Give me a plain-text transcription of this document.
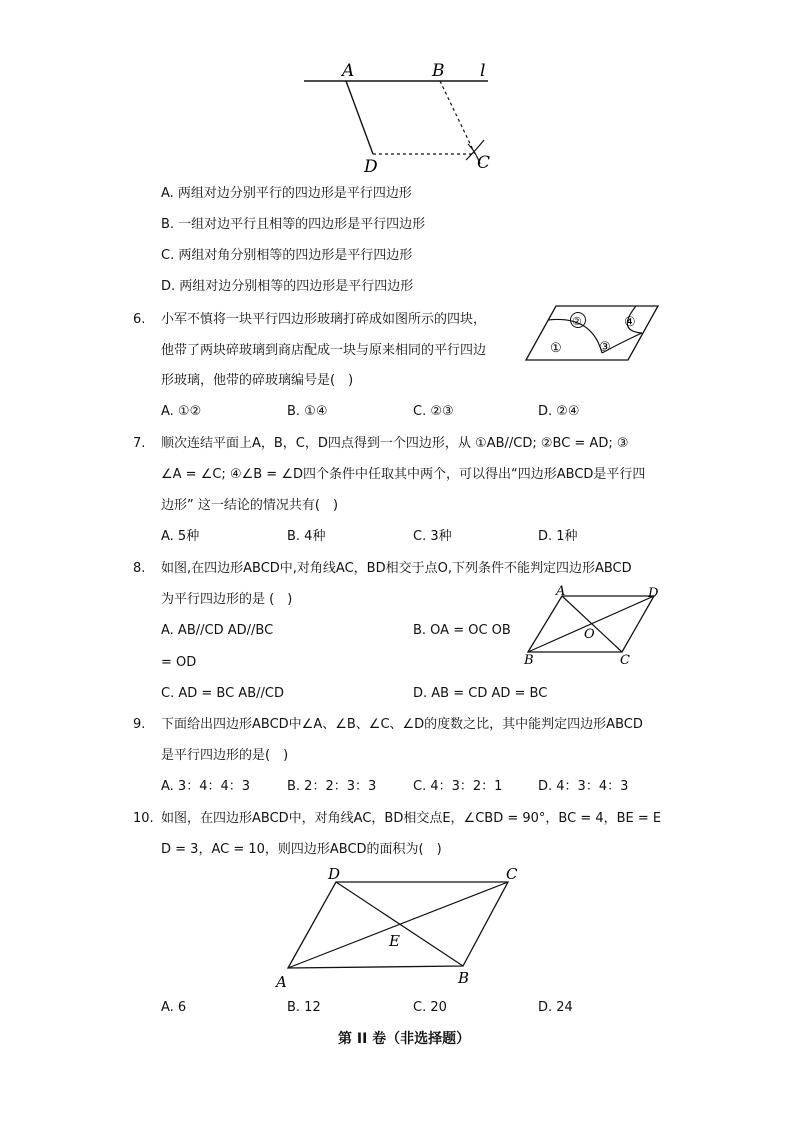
A	B l
D	C
A. 两组对边分别平行的四边形是平行四边形
B. 一组对边平行且相等的四边形是平行四边形
C. 两组对角分别相等的四边形是平行四边形
D. 两组对边分别相等的四边形是平行四边形
6. 小军不慎将一块平行四边形玻璃打碎成如图所示的四块，
他带了两块碎玻璃到商店配成一块与原来相同的平行四边
形玻璃，他带的碎玻璃编号是(　)
②	④
①	③
A. ①②	B. ①④	C. ②③	D. ②④
7. 顺次连结平面上A，B，C，D四点得到一个四边形，从 ①AB//CD; ②BC = AD; ③
∠A = ∠C; ④∠B = ∠D四个条件中任取其中两个，可以得出“四边形ABCD是平行四
边形” 这一结论的情况共有(　)
A. 5种	B. 4种	C. 3种	D. 1种
8. 如图,在四边形ABCD中,对角线AC，BD相交于点O,下列条件不能判定四边形ABCD
为平行四边形的是 (　)
A	D
B	C
O
A. AB//CD AD//BC	B. OA = OC OB
= OD
C. AD = BC AB//CD	D. AB = CD AD = BC
9. 下面给出四边形ABCD中∠A、∠B、∠C、∠D的度数之比，其中能判定四边形ABCD
是平行四边形的是(　)
A. 3：4：4：3	B. 2：2：3：3	C. 4：3：2：1	D. 4：3：4：3
10. 如图，在四边形ABCD中，对角线AC，BD相交点E，∠CBD = 90°，BC = 4，BE = E
D = 3，AC = 10，则四边形ABCD的面积为(　)
D	C
E
A	B
A. 6	B. 12	C. 20	D. 24
第 II 卷（非选择题）
